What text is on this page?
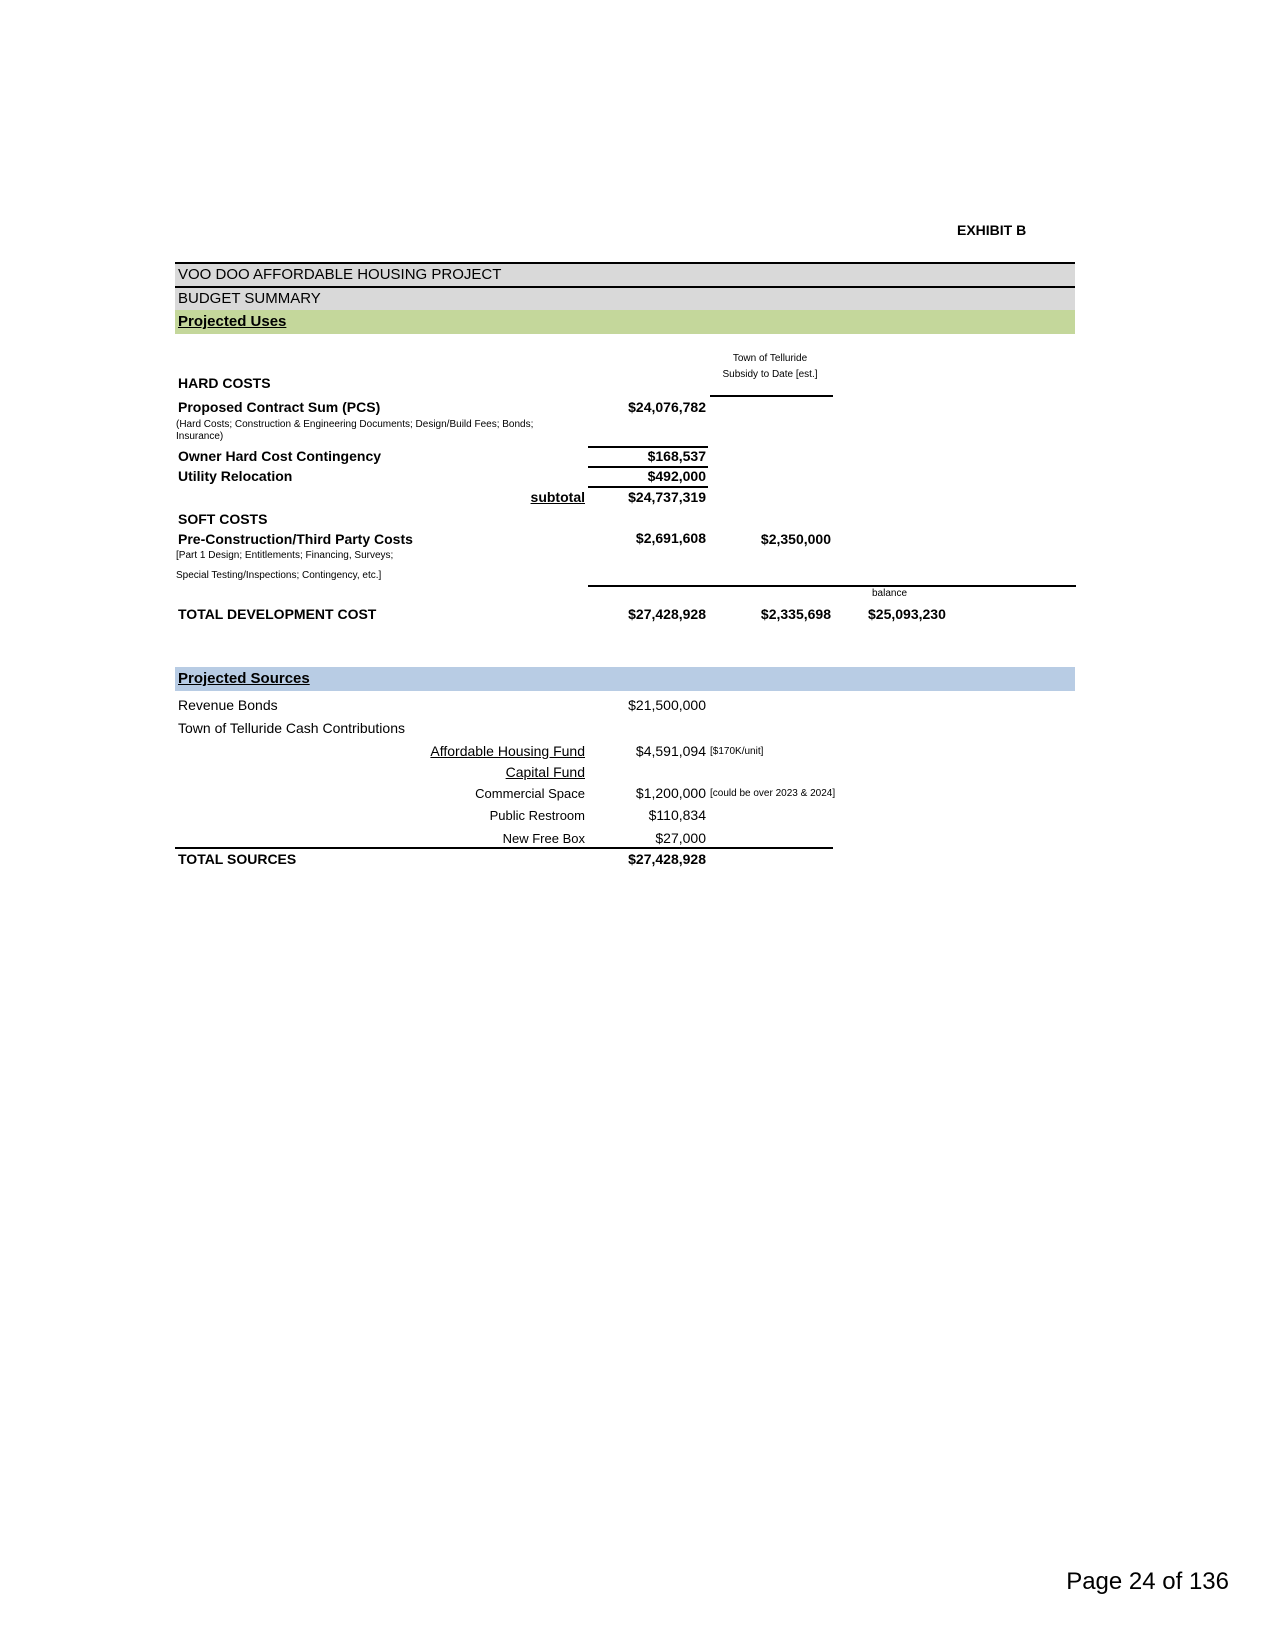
EXHIBIT B
VOO DOO AFFORDABLE HOUSING PROJECT
BUDGET SUMMARY
Projected Uses
Town of Telluride
Subsidy to Date [est.]
HARD COSTS
Proposed Contract Sum (PCS)	$24,076,782
(Hard Costs; Construction & Engineering Documents; Design/Build Fees; Bonds;
Insurance)
Owner Hard Cost Contingency	$168,537
Utility Relocation	$492,000
subtotal	$24,737,319
SOFT COSTS
Pre-Construction/Third Party Costs	$2,691,608	$2,350,000
[Part 1 Design; Entitlements; Financing, Surveys;
Special Testing/Inspections; Contingency, etc.]
balance
TOTAL DEVELOPMENT COST	$27,428,928	$2,335,698	$25,093,230
Projected Sources
Revenue Bonds	$21,500,000
Town of Telluride Cash Contributions
Affordable Housing Fund	$4,591,094 [$170K/unit]
Capital Fund
Commercial Space	$1,200,000 [could be over 2023 & 2024]
Public Restroom	$110,834
New Free Box	$27,000
TOTAL SOURCES	$27,428,928
Page 24 of 136
